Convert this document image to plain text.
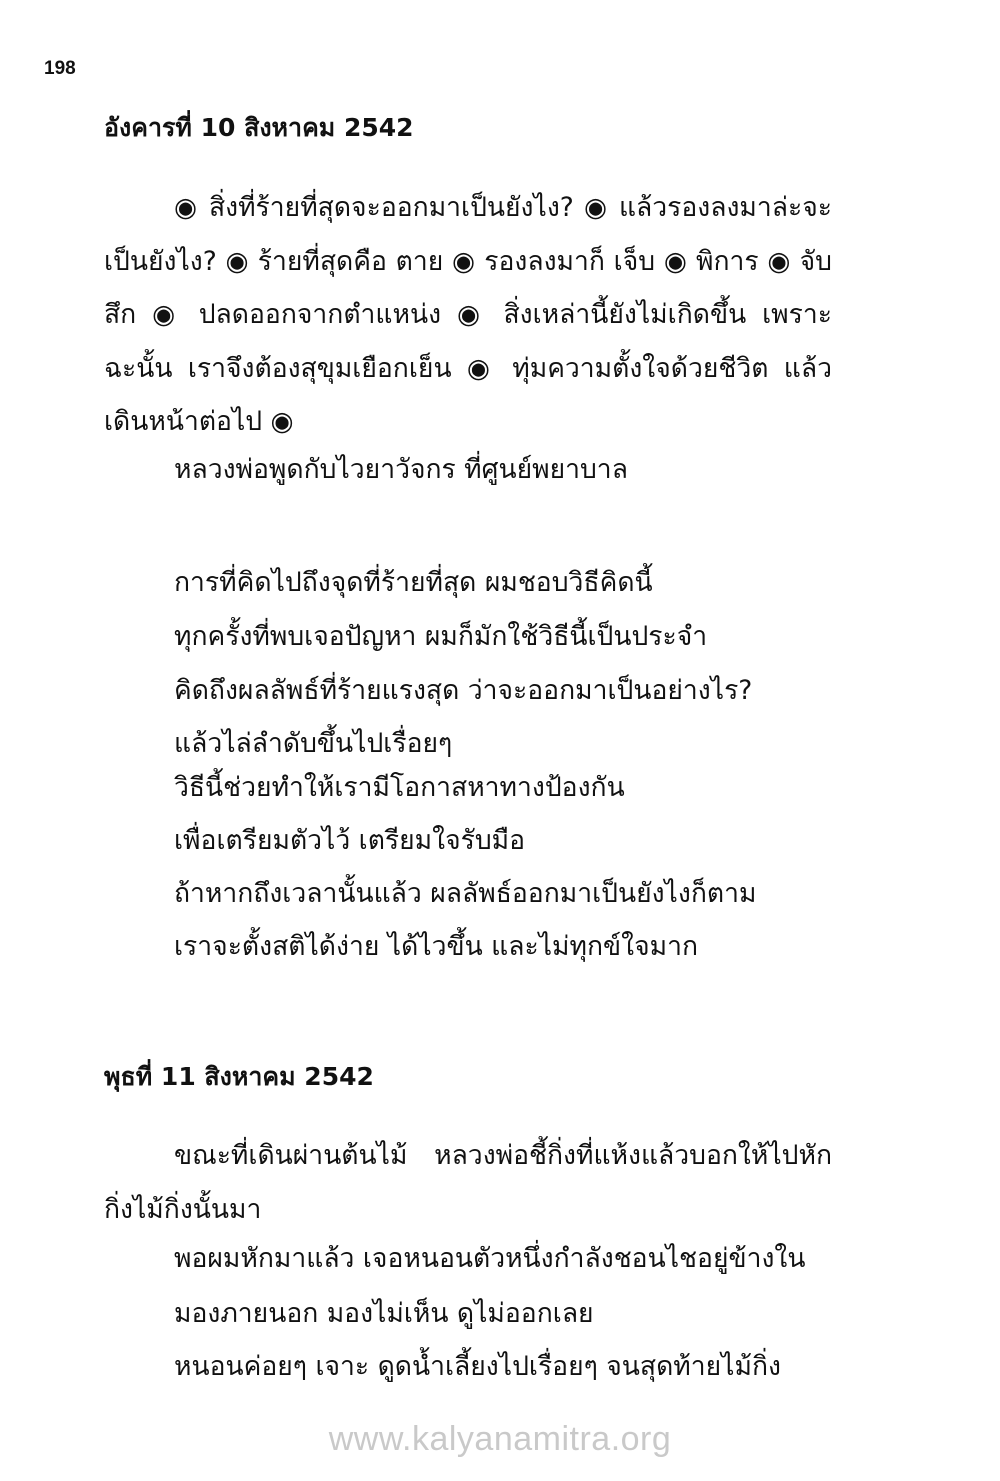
198
อังคารที่ 10 สิงหาคม 2542
◉ สิ่งที่ร้ายที่สุดจะออกมาเป็นยังไง? ◉ แล้วรองลงมาล่ะจะเป็นยังไง? ◉ ร้ายที่สุดคือ ตาย ◉ รองลงมาก็ เจ็บ ◉ พิการ ◉ จับสึก ◉ ปลดออกจากตำแหน่ง ◉ สิ่งเหล่านี้ยังไม่เกิดขึ้น เพราะฉะนั้น เราจึงต้องสุขุมเยือกเย็น ◉ ทุ่มความตั้งใจด้วยชีวิต แล้วเดินหน้าต่อไป ◉
หลวงพ่อพูดกับไวยาวัจกร ที่ศูนย์พยาบาล
การที่คิดไปถึงจุดที่ร้ายที่สุด ผมชอบวิธีคิดนี้
ทุกครั้งที่พบเจอปัญหา ผมก็มักใช้วิธีนี้เป็นประจำ
คิดถึงผลลัพธ์ที่ร้ายแรงสุด ว่าจะออกมาเป็นอย่างไร?
แล้วไล่ลำดับขึ้นไปเรื่อยๆ
วิธีนี้ช่วยทำให้เรามีโอกาสหาทางป้องกัน
เพื่อเตรียมตัวไว้ เตรียมใจรับมือ
ถ้าหากถึงเวลานั้นแล้ว ผลลัพธ์ออกมาเป็นยังไงก็ตาม
เราจะตั้งสติได้ง่าย ได้ไวขึ้น และไม่ทุกข์ใจมาก
พุธที่ 11 สิงหาคม 2542
ขณะที่เดินผ่านต้นไม้ หลวงพ่อชี้กิ่งที่แห้งแล้วบอกให้ไปหักกิ่งไม้กิ่งนั้นมา
พอผมหักมาแล้ว เจอหนอนตัวหนึ่งกำลังชอนไชอยู่ข้างใน
มองภายนอก มองไม่เห็น ดูไม่ออกเลย
หนอนค่อยๆ เจาะ ดูดน้ำเลี้ยงไปเรื่อยๆ จนสุดท้ายไม้กิ่ง
www.kalyanamitra.org
